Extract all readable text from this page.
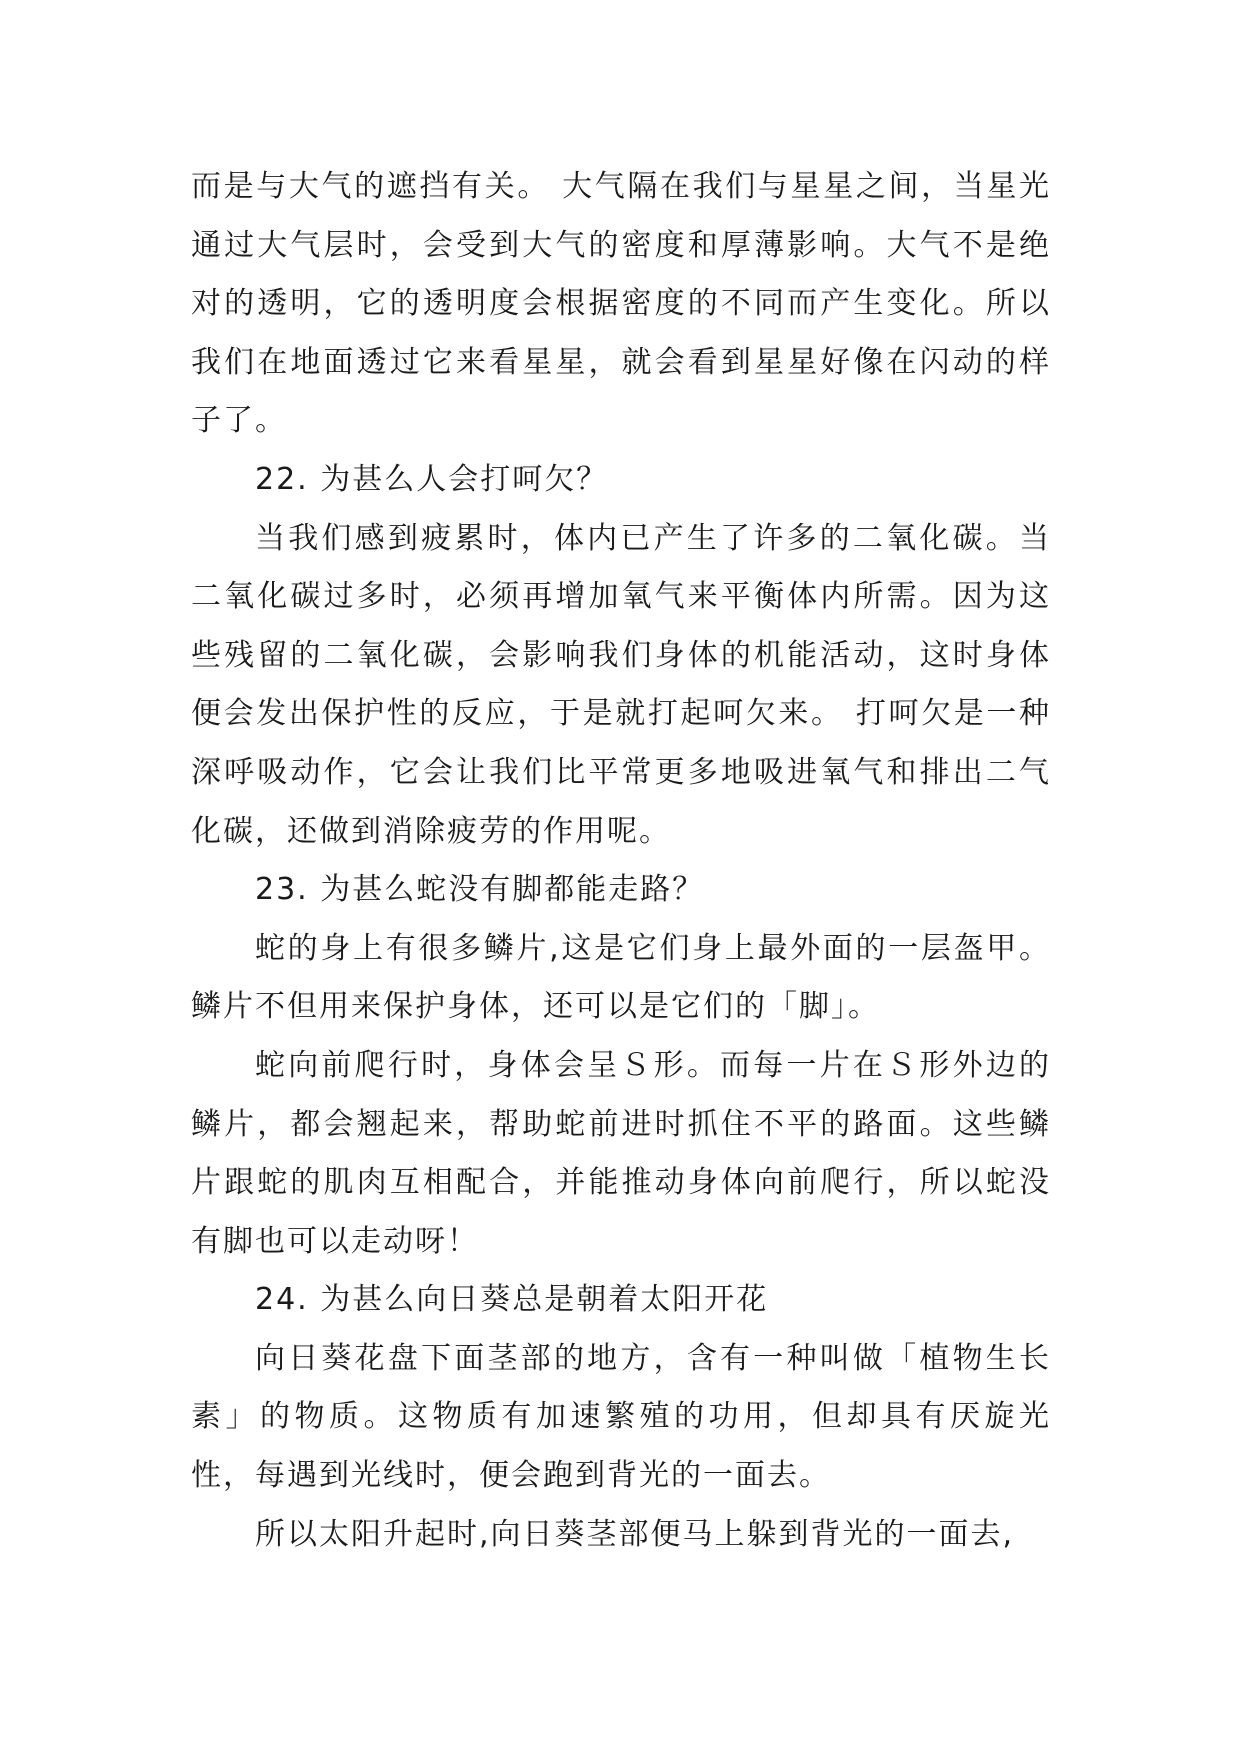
而是与大气的遮挡有关。 大气隔在我们与星星之间，当星光通过大气层时，会受到大气的密度和厚薄影响。大气不是绝对的透明，它的透明度会根据密度的不同而产生变化。所以我们在地面透过它来看星星，就会看到星星好像在闪动的样子了。

22. 为甚么人会打呵欠？

当我们感到疲累时，体内已产生了许多的二氧化碳。当二氧化碳过多时，必须再增加氧气来平衡体内所需。因为这些残留的二氧化碳，会影响我们身体的机能活动，这时身体便会发出保护性的反应，于是就打起呵欠来。 打呵欠是一种深呼吸动作，它会让我们比平常更多地吸进氧气和排出二气化碳，还做到消除疲劳的作用呢。

23. 为甚么蛇没有脚都能走路？

蛇的身上有很多鳞片,这是它们身上最外面的一层盔甲。鳞片不但用来保护身体，还可以是它们的「脚」。

蛇向前爬行时，身体会呈Ｓ形。而每一片在Ｓ形外边的鳞片，都会翘起来，帮助蛇前进时抓住不平的路面。这些鳞片跟蛇的肌肉互相配合，并能推动身体向前爬行，所以蛇没有脚也可以走动呀！

24. 为甚么向日葵总是朝着太阳开花

向日葵花盘下面茎部的地方，含有一种叫做「植物生长素」的物质。这物质有加速繁殖的功用，但却具有厌旋光性，每遇到光线时，便会跑到背光的一面去。

所以太阳升起时,向日葵茎部便马上躲到背光的一面去,
